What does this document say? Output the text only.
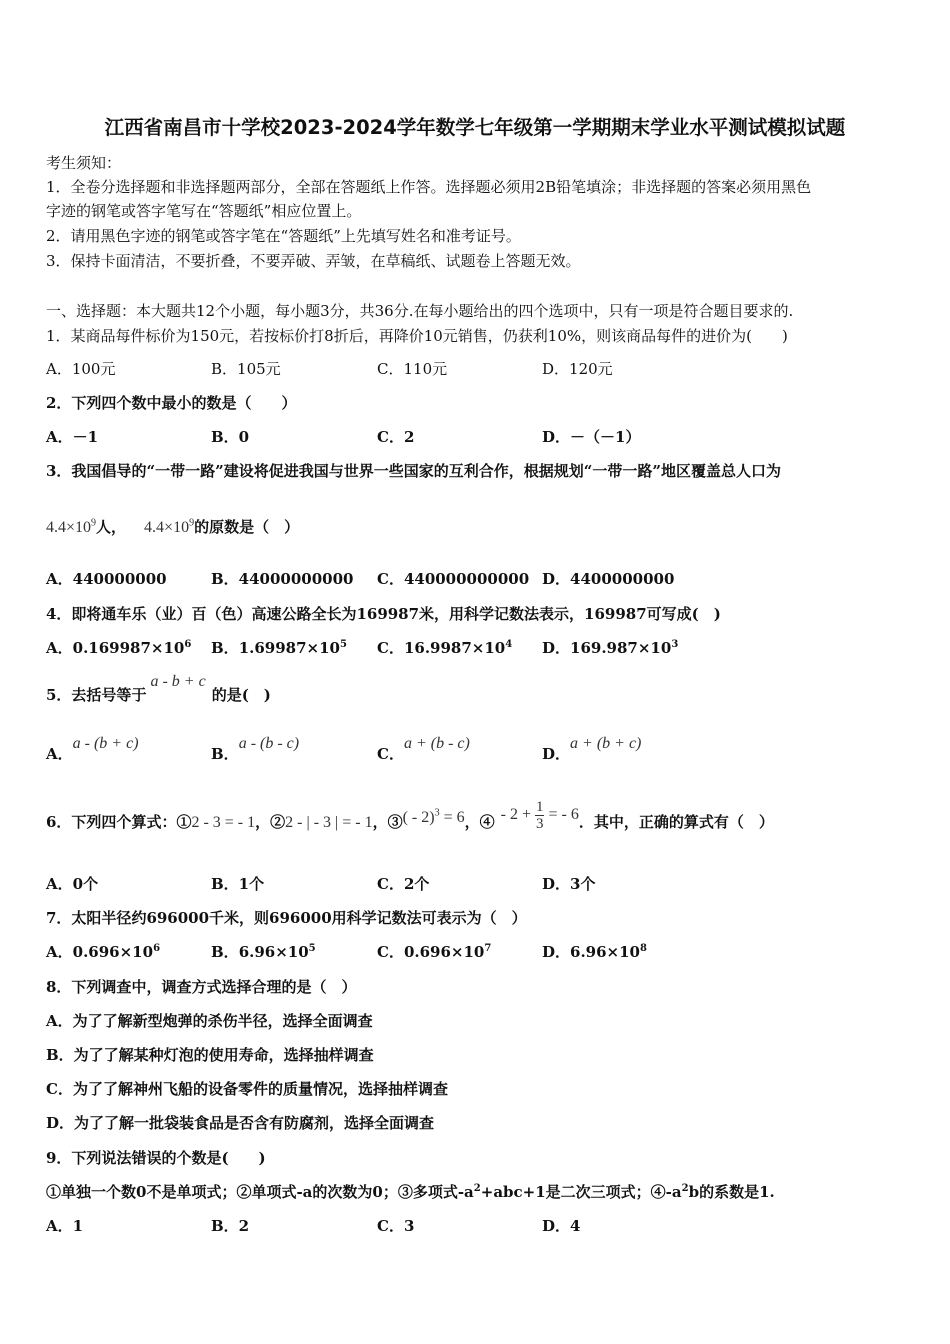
江西省南昌市十学校2023-2024学年数学七年级第一学期期末学业水平测试模拟试题
考生须知：
1．全卷分选择题和非选择题两部分，全部在答题纸上作答。选择题必须用2B铅笔填涂；非选择题的答案必须用黑色
字迹的钢笔或答字笔写在“答题纸”相应位置上。
2．请用黑色字迹的钢笔或答字笔在“答题纸”上先填写姓名和准考证号。
3．保持卡面清洁，不要折叠，不要弄破、弄皱，在草稿纸、试题卷上答题无效。
一、选择题：本大题共12个小题，每小题3分，共36分.在每小题给出的四个选项中，只有一项是符合题目要求的.
1．某商品每件标价为150元，若按标价打8折后，再降价10元销售，仍获利10%，则该商品每件的进价为(　　)
A．100元	B．105元	C．110元	D．120元
2．下列四个数中最小的数是（　　）
A．－1	B．0	C．2	D．－（－1）
3．我国倡导的“一带一路”建设将促进我国与世界一些国家的互利合作，根据规划“一带一路”地区覆盖总人口为
$4.4\times 10^9$人， $4.4\times 10^9$的原数是（　）
A．440000000	B．44000000000 C．440000000000 D．4400000000
4．即将通车乐（业）百（色）高速公路全长为169987米，用科学记数法表示，169987可写成(　)
A．$0.169987\times 10^6$ B．$1.69987\times 10^5$ C．$16.9987\times 10^4$ D．$169.987\times 10^3$
5．去括号等于a - b + c的是(　)
A．a - (b + c)
B．a - (b - c)
C．a + (b - c)
D．a + (b + c)
6．下列四个算式：①2 - 3 = - 1，②2 - | - 3 | = - 1，③( - 2)$^3$ = 6，④ - $2 + \frac{1}{3}$ = - 6．其中，正确的算式有（　）
A．0个	B．1个	C．2个	D．3个
7．太阳半径约696000千米，则696000用科学记数法可表示为（　）
A．$0.696\times 10^6$	B．$6.96\times 10^5$	C．$0.696\times 10^7$	D．$6.96\times 10^8$
8．下列调查中，调查方式选择合理的是（　）
A．为了了解新型炮弹的杀伤半径，选择全面调查
B．为了了解某种灯泡的使用寿命，选择抽样调查
C．为了了解神州飞船的设备零件的质量情况，选择抽样调查
D．为了了解一批袋装食品是否含有防腐剂，选择全面调查
9．下列说法错误的个数是(　　)
①单独一个数0不是单项式；②单项式-a的次数为0；③多项式$-a^2+abc+1$是二次三项式；$④-a^2b$的系数是1.
A．1	B．2	C．3	D．4
